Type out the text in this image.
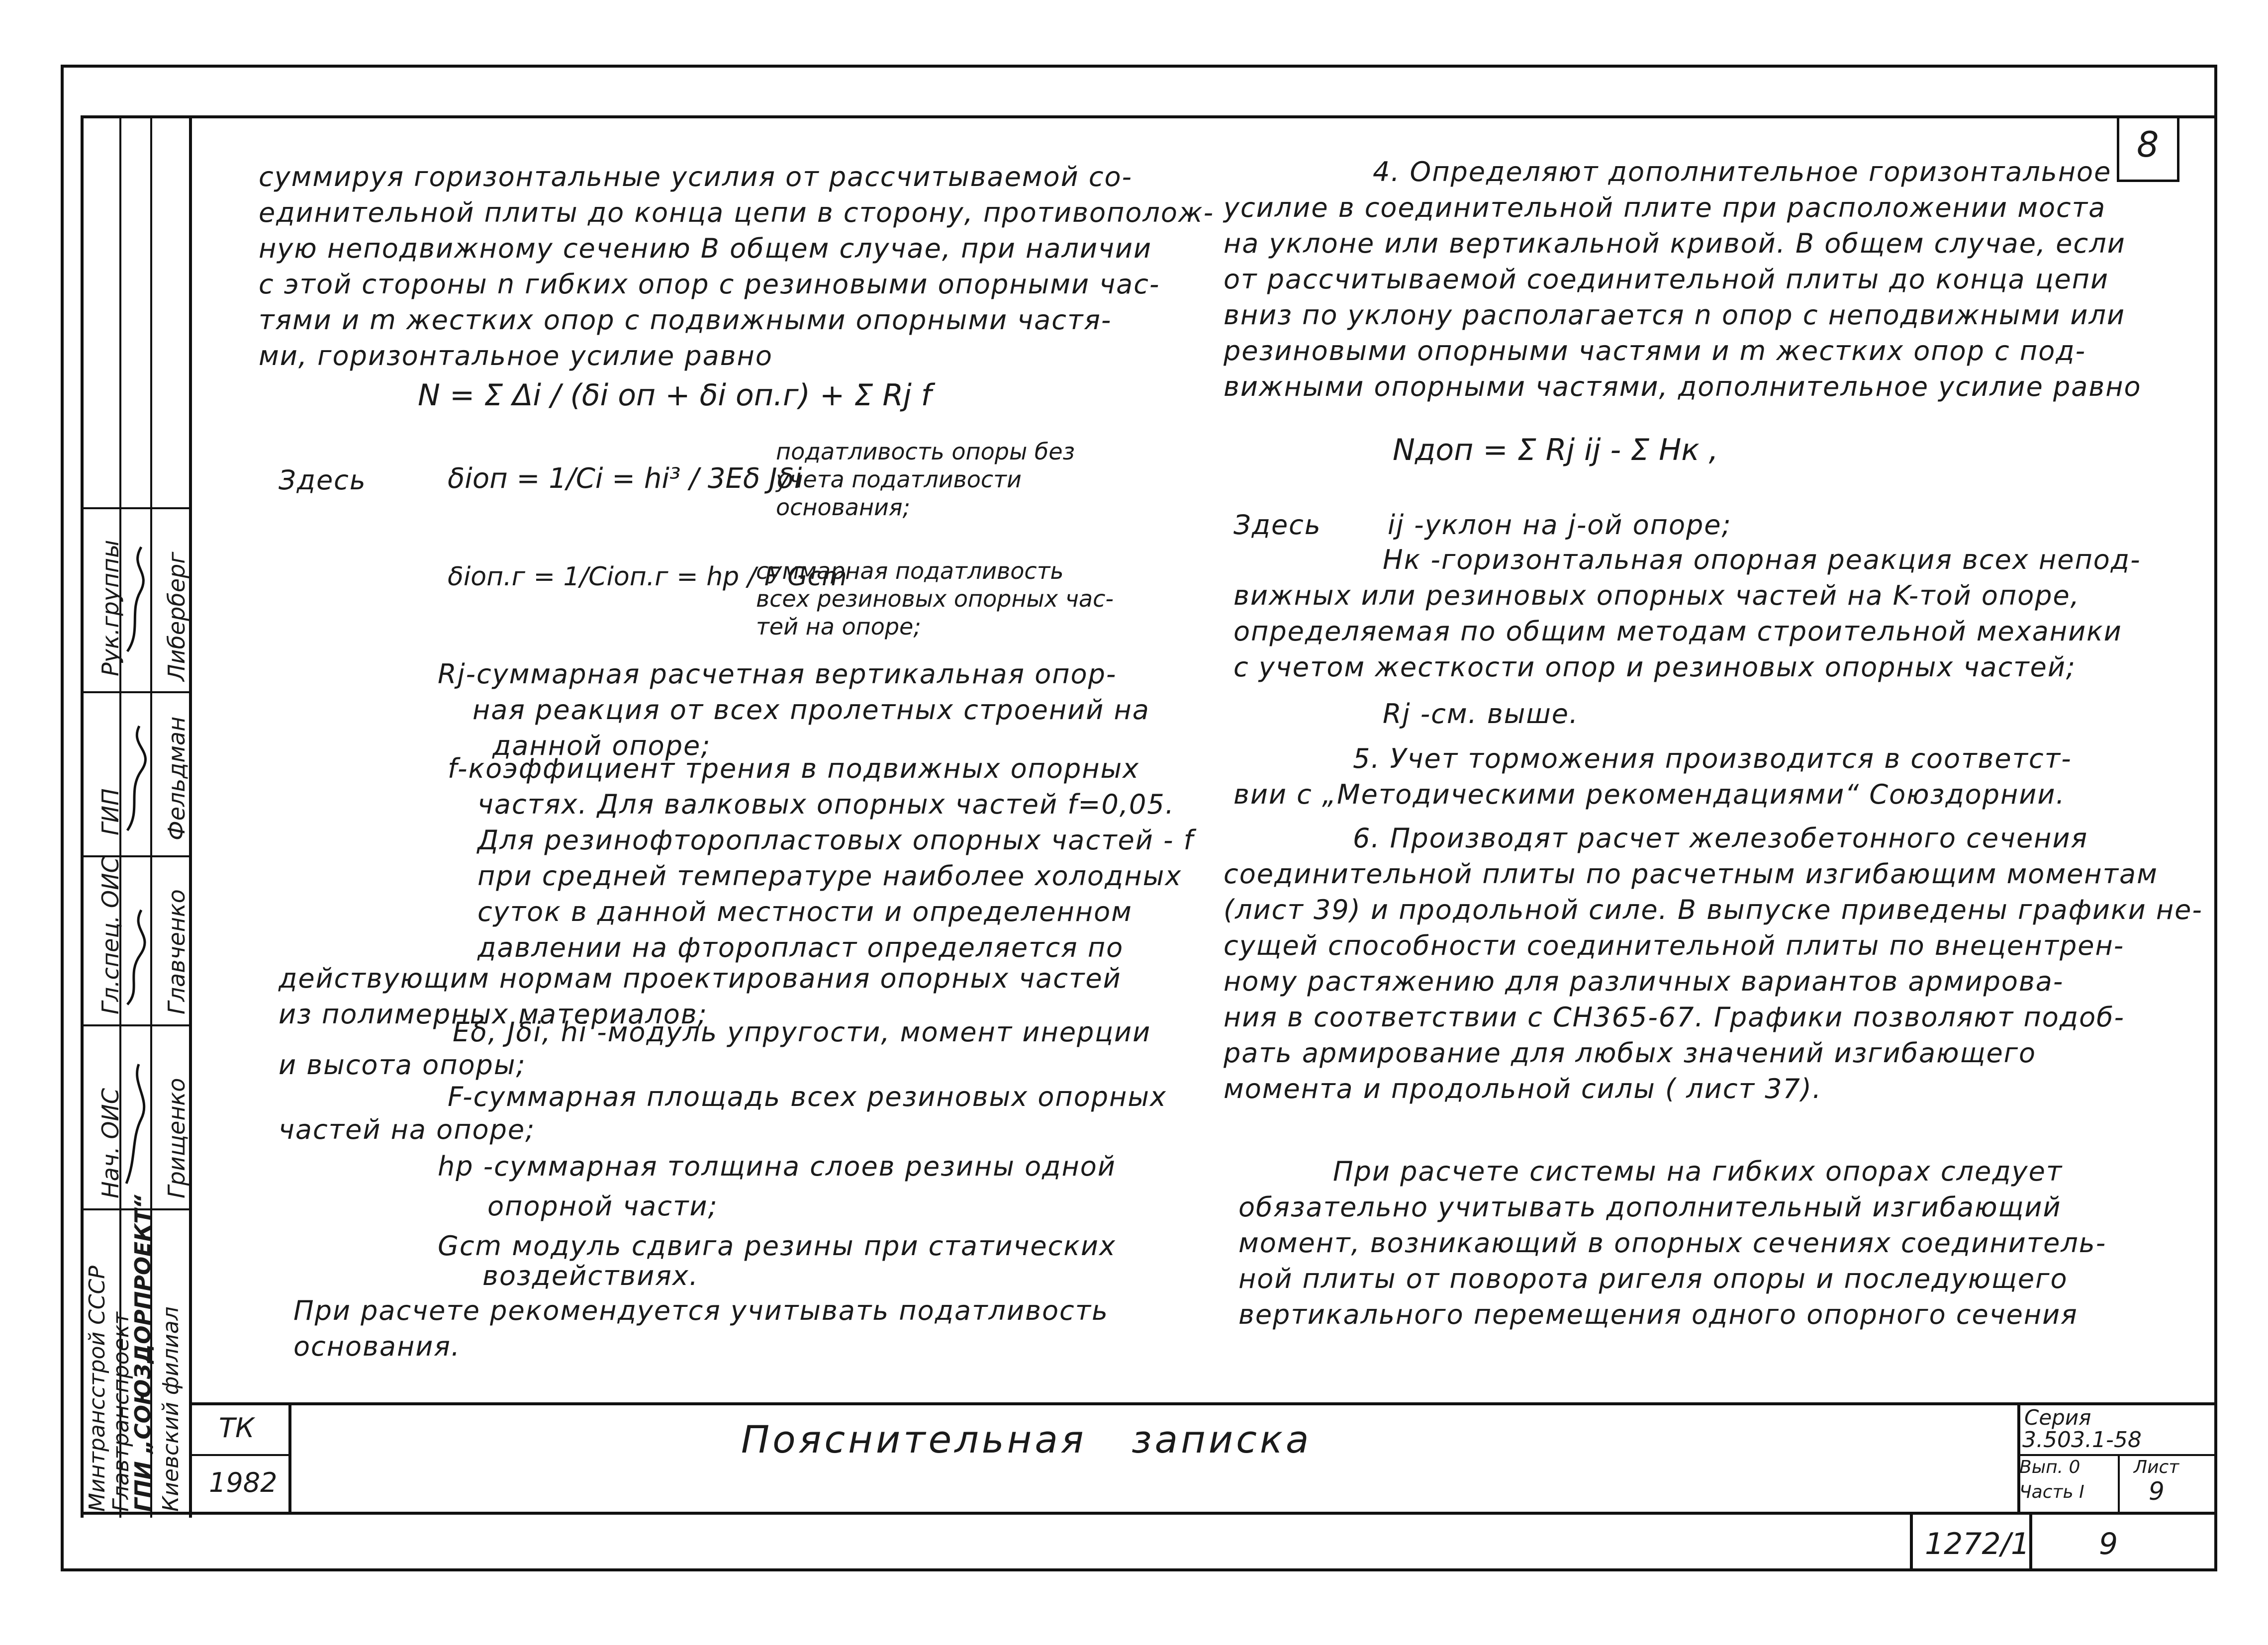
Нач. ОИС
Гл.спец. ОИС
ГИП
Рук.группы
Грищенко
Главченко
Фельдман
Либерберг
Минтрансстрой СССР
Главтранспроект
ГПИ „СОЮЗДОРПРОЕКТ“ Киевский филиал
8
суммируя горизонтальные усилия от рассчитываемой со-
единительной плиты до конца цепи в сторону, противополож-
ную неподвижному сечению В общем случае, при наличии
с этой стороны n гибких опор с резиновыми опорными час-
тями и m жестких опор с подвижными опорными частя-
ми, горизонтальное усилие равно
N = Σ Δi / (δi оп + δi оп.г) + Σ Rj f
Здесь	δiоп = 1/Ci = hi³ / 3Eδ Jδi
податливость опоры без
учета податливости
основания;
δiоп.г = 1/Ciоп.г = hp / F Gcm
суммарная податливость
всех резиновых опорных час-
тей на опоре;
Rj-суммарная расчетная вертикальная опор-
ная реакция от всех пролетных строений на
данной опоре;
f-коэффициент трения в подвижных опорных
частях. Для валковых опорных частей f=0,05.
Для резинофторопластовых опорных частей - f
при средней температуре наиболее холодных
суток в данной местности и определенном
давлении на фторопласт определяется по
действующим нормам проектирования опорных частей
из полимерных материалов;
Eδ, Jδi, hi -модуль упругости, момент инерции
и высота опоры;
F-суммарная площадь всех резиновых опорных
частей на опоре;
hp -суммарная толщина слоев резины одной
опорной части;
Gcm модуль сдвига резины при статических
воздействиях.
При расчете рекомендуется учитывать податливость
основания.
4. Определяют дополнительное горизонтальное
усилие в соединительной плите при расположении моста
на уклоне или вертикальной кривой. В общем случае, если
от рассчитываемой соединительной плиты до конца цепи
вниз по уклону располагается n опор с неподвижными или
резиновыми опорными частями и m жестких опор с под-
вижными опорными частями, дополнительное усилие равно
Nдоп = Σ Rj ij - Σ Hк ,
Здесь ij -уклон на j-ой опоре;
Hк -горизонтальная опорная реакция всех непод-
вижных или резиновых опорных частей на K-той опоре,
определяемая по общим методам строительной механики
с учетом жесткости опор и резиновых опорных частей;
Rj -см. выше.
5. Учет торможения производится в соответст-
вии с „Методическими рекомендациями“ Союздорнии.
6. Производят расчет железобетонного сечения
соединительной плиты по расчетным изгибающим моментам
(лист 39) и продольной силе. В выпуске приведены графики не-
сущей способности соединительной плиты по внецентрен-
ному растяжению для различных вариантов армирова-
ния в соответствии с СН365-67. Графики позволяют подоб-
рать армирование для любых значений изгибающего
момента и продольной силы ( лист 37).
При расчете системы на гибких опорах следует
обязательно учитывать дополнительный изгибающий
момент, возникающий в опорных сечениях соединитель-
ной плиты от поворота ригеля опоры и последующего
вертикального перемещения одного опорного сечения
ТК
1982
Пояснительная   записка	Серия
3.503.1-58
Вып. 0
Часть I
Лист
9
1272/1 9
